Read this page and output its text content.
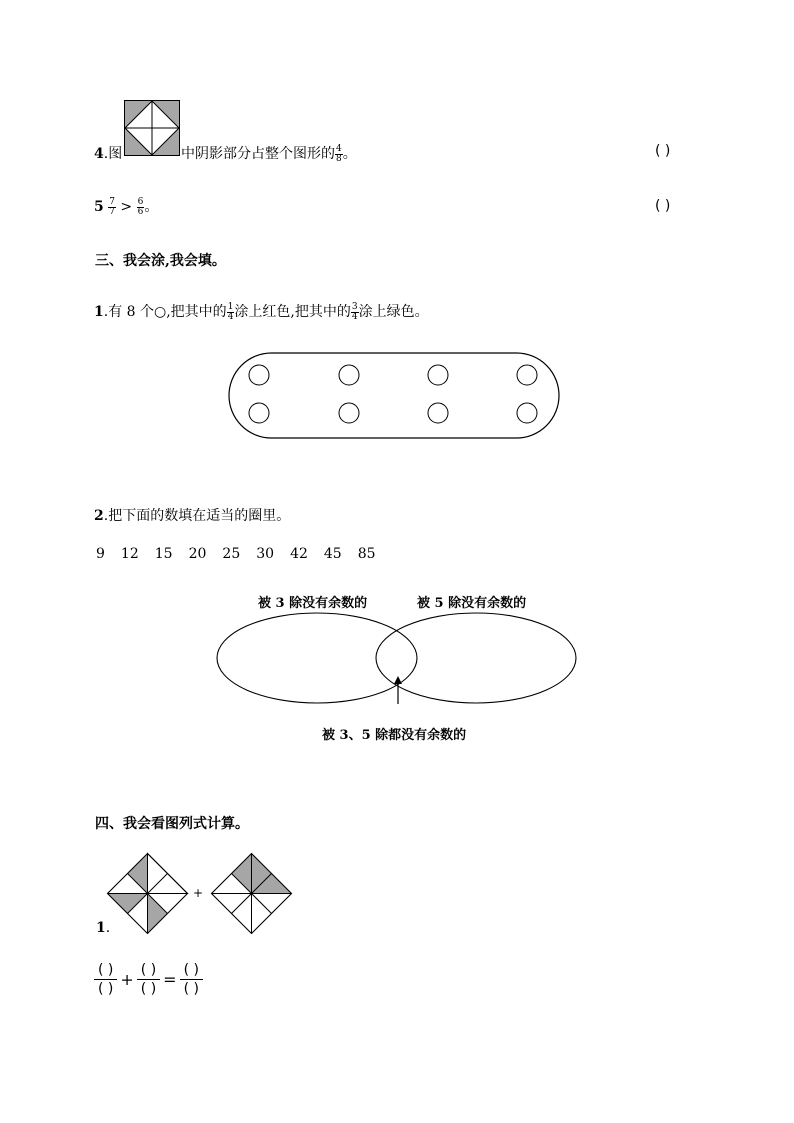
4.图	中阴影部分占整个图形的 $\frac{4}{8}$ 。	( )
$5 \frac{7}{7} > \frac{6}{6}$ 。	( )
三、我会涂,我会填。
1.有 8 个○,把其中的 $\frac{1}{4}$ 涂上红色,把其中的 $\frac{3}{4}$ 涂上绿色。
2.把下面的数填在适当的圈里。
9 12 15 20 25 30 42 45 85
被 3 除没有余数的	被 5 除没有余数的
被 3、5 除都没有余数的
四、我会看图列式计算。
+
1.
( )
( ) + ( )
( ) = ( )
( )
